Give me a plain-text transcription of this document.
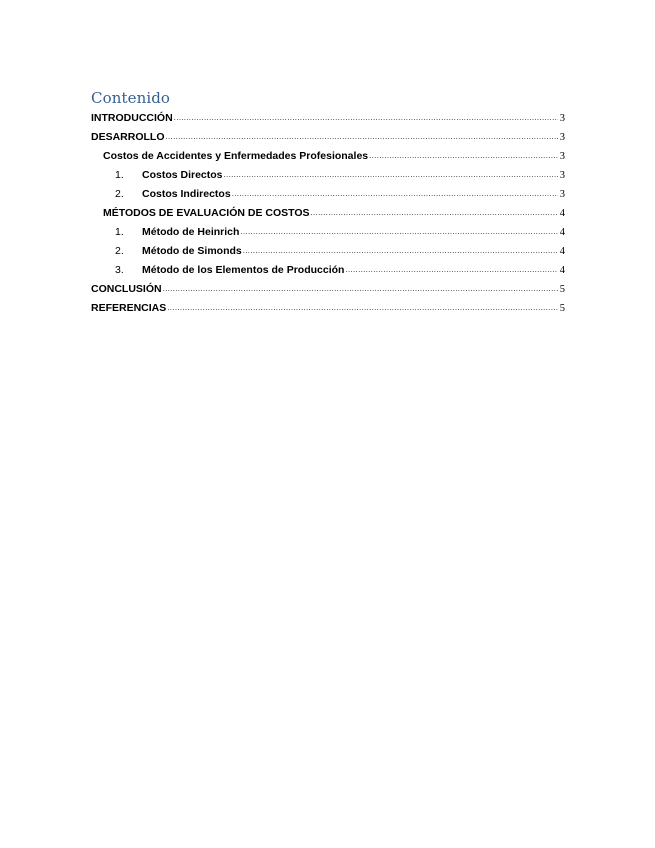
Contenido
INTRODUCCIÓN .....	3
DESARROLLO .....	3
Costos de Accidentes y Enfermedades Profesionales .....	3
1.	Costos Directos .....	3
2.	Costos Indirectos .....	3
MÉTODOS DE EVALUACIÓN DE COSTOS .....	4
1.	Método de Heinrich .....	4
2.	Método de Simonds .....	4
3.	Método de los Elementos de Producción .....	4
CONCLUSIÓN .....	5
REFERENCIAS .....	5
